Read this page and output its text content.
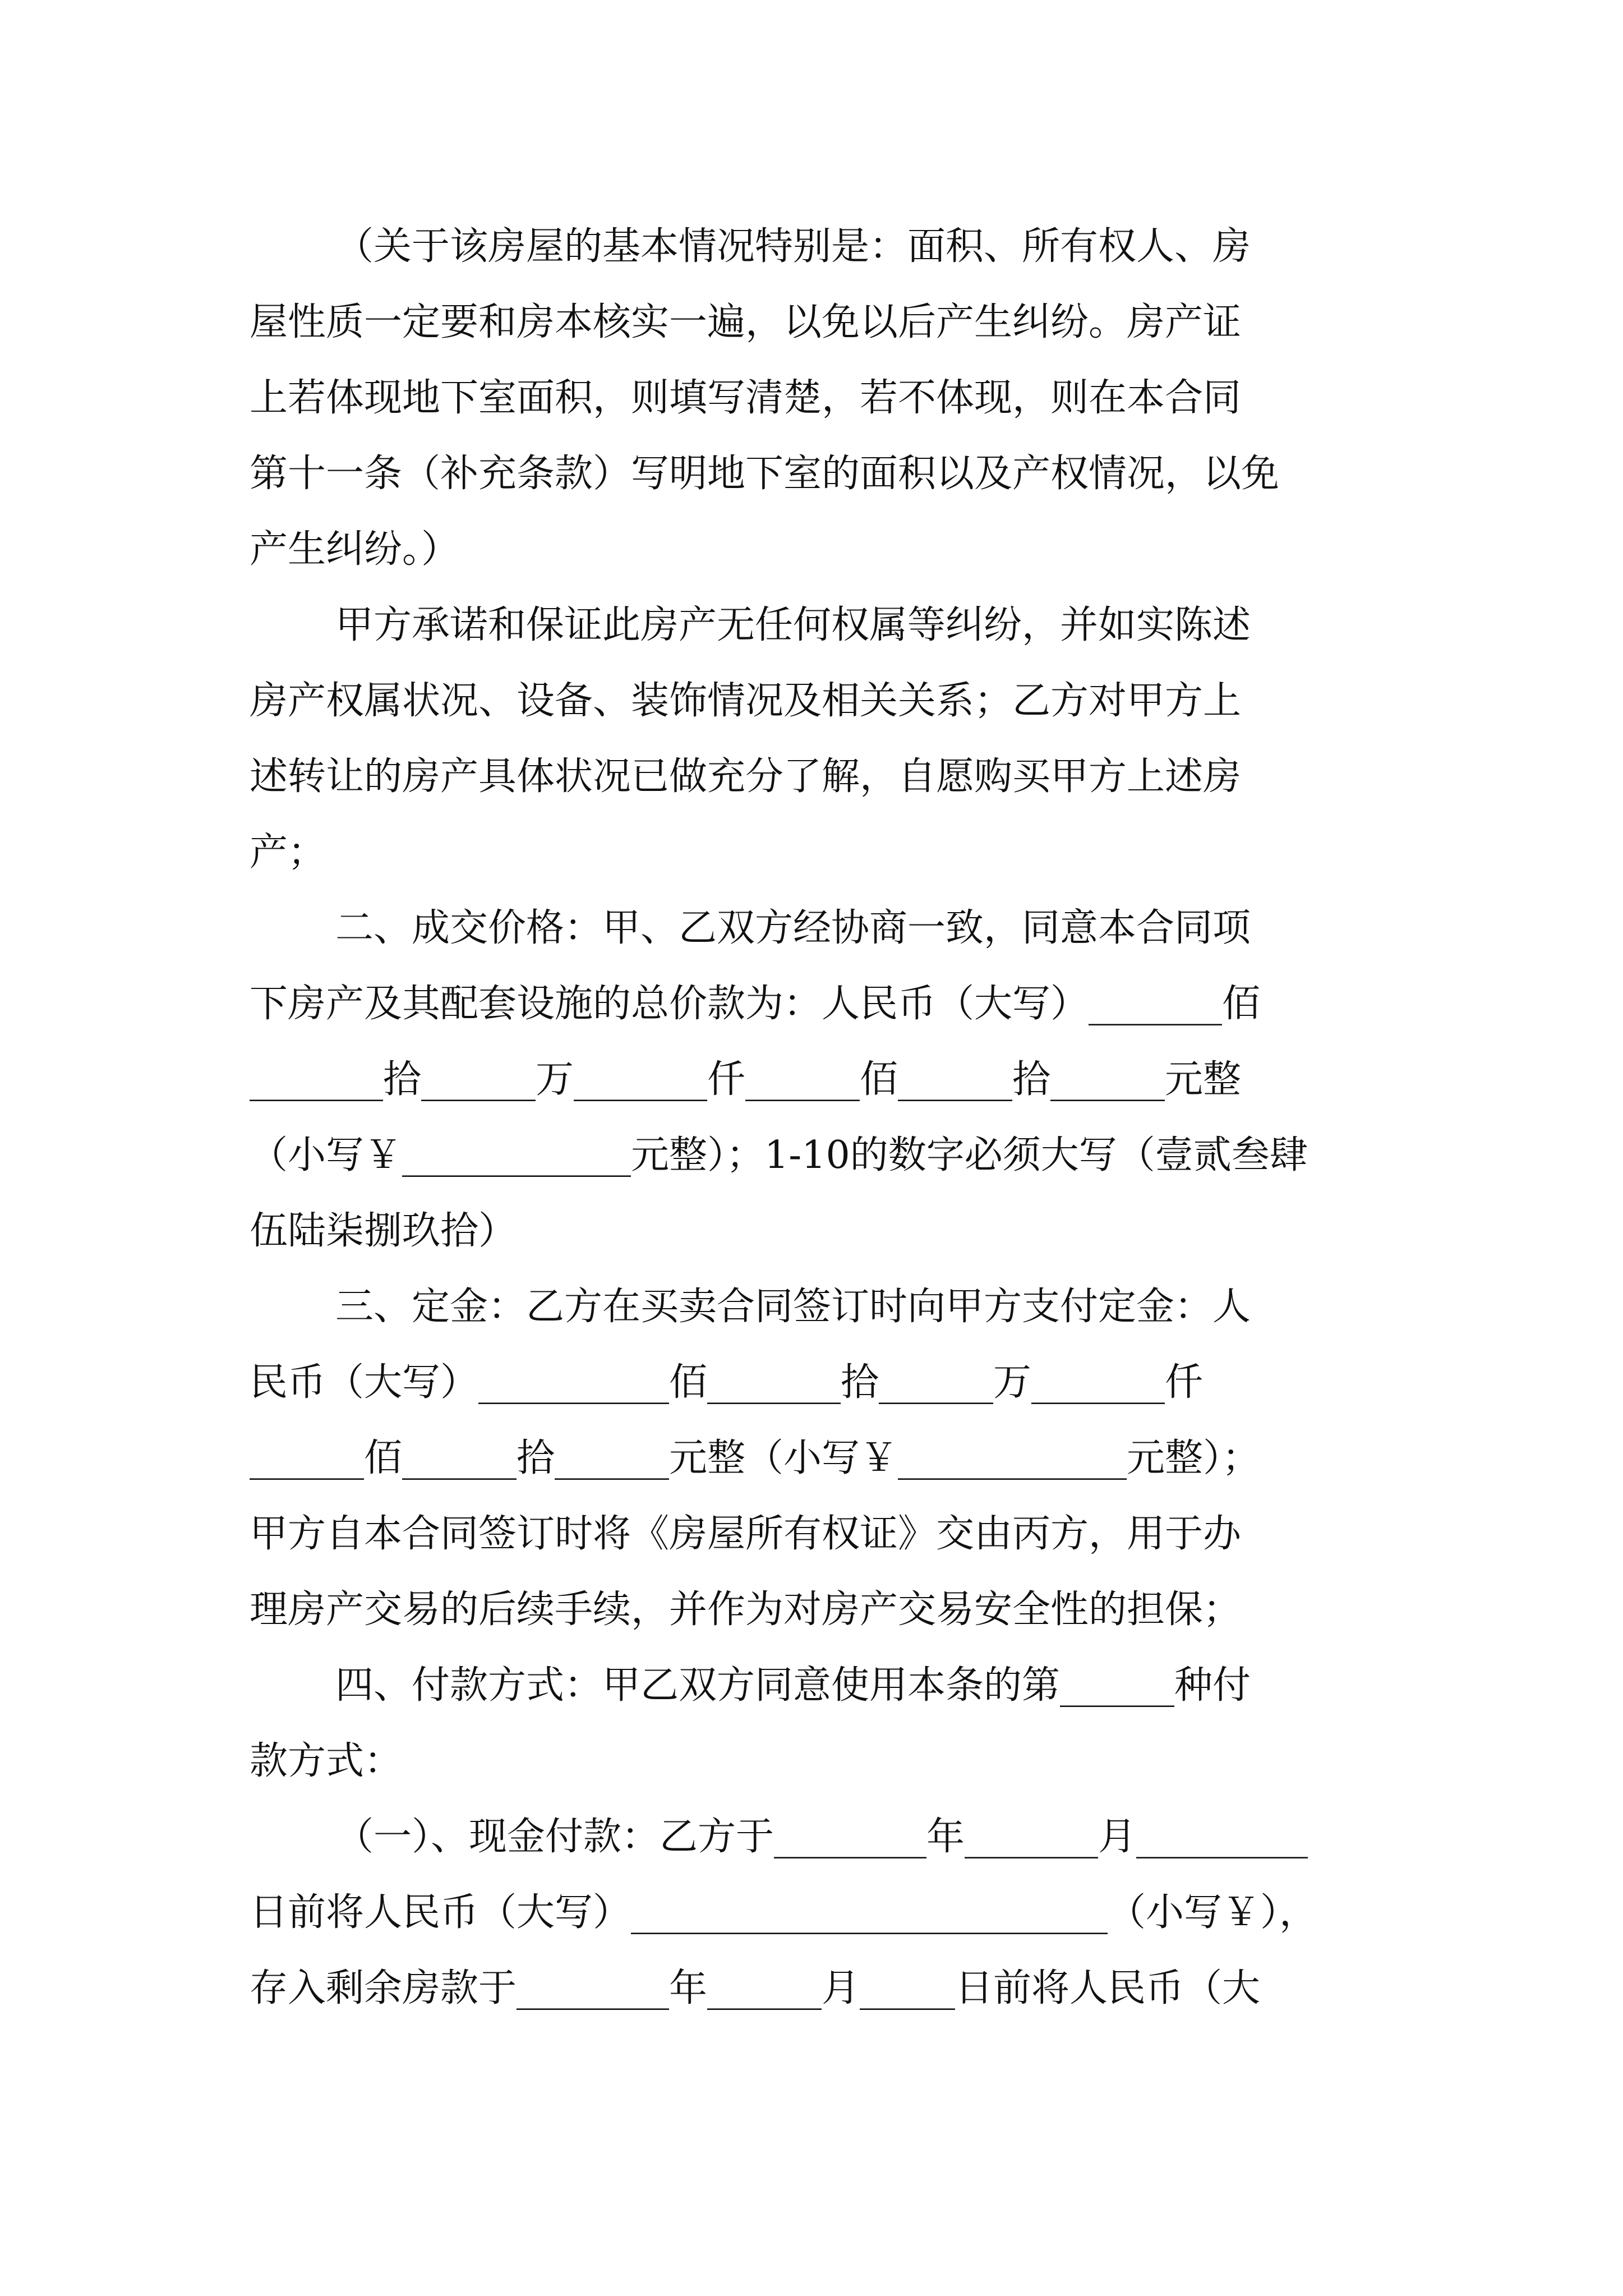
（关于该房屋的基本情况特别是：面积、所有权人、房
屋性质一定要和房本核实一遍，以免以后产生纠纷。房产证
上若体现地下室面积，则填写清楚，若不体现，则在本合同
第十一条（补充条款）写明地下室的面积以及产权情况，以免
产生纠纷。）
甲方承诺和保证此房产无任何权属等纠纷，并如实陈述
房产权属状况、设备、装饰情况及相关关系；乙方对甲方上
述转让的房产具体状况已做充分了解，自愿购买甲方上述房
产；
二、成交价格：甲、乙双方经协商一致，同意本合同项
下房产及其配套设施的总价款为：人民币（大写）_______佰
_______拾______万_______仟______佰______拾______元整
（小写￥____________元整）；1-10的数字必须大写（壹贰叁肆
伍陆柒捌玖拾）
三、定金：乙方在买卖合同签订时向甲方支付定金：人
民币（大写）__________佰_______拾______万_______仟
______佰______拾______元整（小写￥____________元整）；
甲方自本合同签订时将《房屋所有权证》交由丙方，用于办
理房产交易的后续手续，并作为对房产交易安全性的担保；
四、付款方式：甲乙双方同意使用本条的第______种付
款方式：
（一）、现金付款：乙方于________年_______月_________
日前将人民币（大写）_________________________（小写￥），
存入剩余房款于________年______月_____日前将人民币（大
